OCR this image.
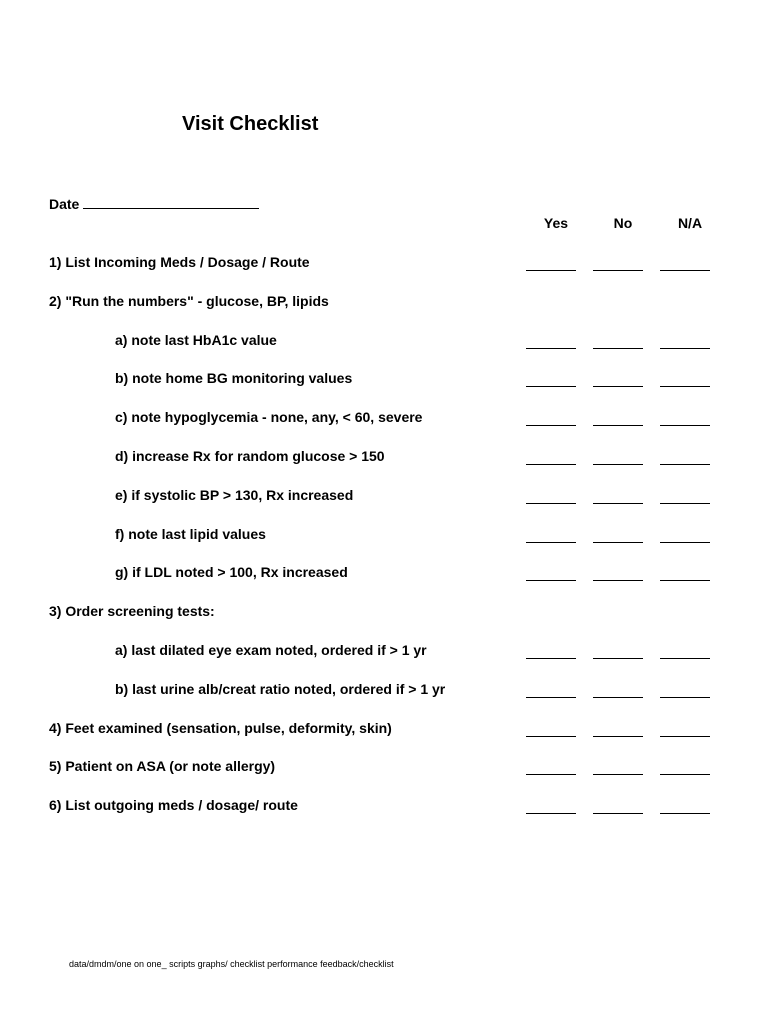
Visit Checklist
Date
Yes	No	N/A
1) List Incoming Meds / Dosage / Route
2) "Run the numbers" - glucose, BP, lipids
a) note last HbA1c value
b) note home BG monitoring values
c) note hypoglycemia - none, any, < 60, severe
d) increase Rx for random glucose > 150
e) if systolic BP > 130, Rx increased
f) note last lipid values
g) if LDL noted > 100, Rx increased
3) Order screening tests:
a) last dilated eye exam noted, ordered if > 1 yr
b) last urine alb/creat ratio noted, ordered if > 1 yr
4) Feet examined (sensation, pulse, deformity, skin)
5) Patient on ASA (or note allergy)
6) List outgoing meds / dosage/ route
data/dmdm/one on one_ scripts graphs/ checklist performance feedback/checklist
